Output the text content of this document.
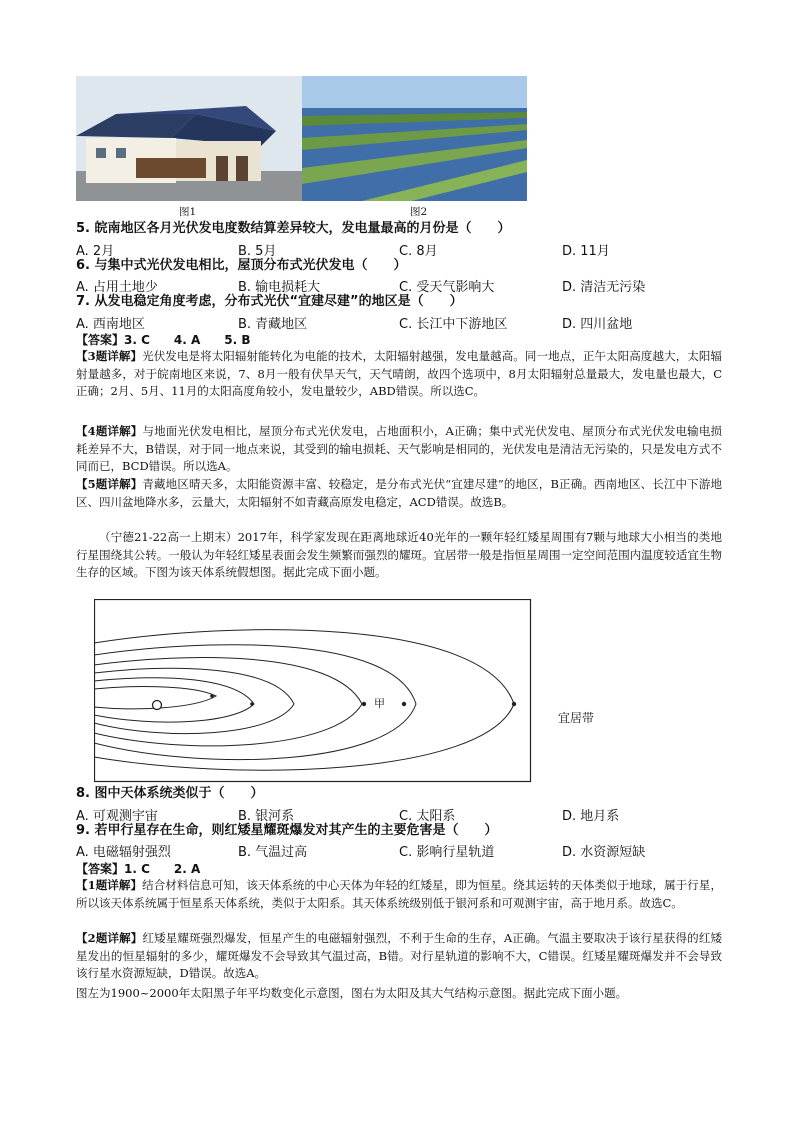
图1	图2
5. 皖南地区各月光伏发电度数结算差异较大，发电量最高的月份是（　　）
A. 2月	B. 5月	C. 8月	D. 11月
6. 与集中式光伏发电相比，屋顶分布式光伏发电（　　）
A. 占用土地少	B. 输电损耗大	C. 受天气影响大	D. 清洁无污染
7. 从发电稳定角度考虑，分布式光伏“宜建尽建”的地区是（　　）
A. 西南地区	B. 青藏地区	C. 长江中下游地区	D. 四川盆地
【答案】3. C　　4. A　　5. B
【3题详解】光伏发电是将太阳辐射能转化为电能的技术，太阳辐射越强，发电量越高。同一地点，正午太阳高度越大，太阳辐射量越多，对于皖南地区来说，7、8月一般有伏旱天气，天气晴朗，故四个选项中，8月太阳辐射总量最大，发电量也最大，C正确；2月、5月、11月的太阳高度角较小，发电量较少，ABD错误。所以选C。
【4题详解】与地面光伏发电相比，屋顶分布式光伏发电，占地面积小，A正确；集中式光伏发电、屋顶分布式光伏发电输电损耗差异不大，B错误，对于同一地点来说，其受到的输电损耗、天气影响是相同的，光伏发电是清洁无污染的，只是发电方式不同而已，BCD错误。所以选A。
【5题详解】青藏地区晴天多，太阳能资源丰富、较稳定，是分布式光伏“宜建尽建”的地区，B正确。西南地区、长江中下游地区、四川盆地降水多，云量大，太阳辐射不如青藏高原发电稳定，ACD错误。故选B。
（宁德21-22高一上期末）2017年，科学家发现在距离地球近40光年的一颗年轻红矮星周围有7颗与地球大小相当的类地行星围绕其公转。一般认为年轻红矮星表面会发生频繁而强烈的耀斑。宜居带一般是指恒星周围一定空间范围内温度较适宜生物生存的区域。下图为该天体系统假想图。据此完成下面小题。
甲
宜居带
8. 图中天体系统类似于（　　）
A. 可观测宇宙	B. 银河系	C. 太阳系	D. 地月系
9. 若甲行星存在生命，则红矮星耀斑爆发对其产生的主要危害是（　　）
A. 电磁辐射强烈	B. 气温过高	C. 影响行星轨道	D. 水资源短缺
【答案】1. C　　2. A
【1题详解】结合材料信息可知，该天体系统的中心天体为年轻的红矮星，即为恒星。绕其运转的天体类似于地球，属于行星，所以该天体系统属于恒星系天体系统，类似于太阳系。其天体系统级别低于银河系和可观测宇宙，高于地月系。故选C。
【2题详解】红矮星耀斑强烈爆发，恒星产生的电磁辐射强烈，不利于生命的生存，A正确。气温主要取决于该行星获得的红矮星发出的恒星辐射的多少，耀斑爆发不会导致其气温过高，B错。对行星轨道的影响不大，C错误。红矮星耀斑爆发并不会导致该行星水资源短缺，D错误。故选A。
图左为1900~2000年太阳黑子年平均数变化示意图，图右为太阳及其大气结构示意图。据此完成下面小题。
